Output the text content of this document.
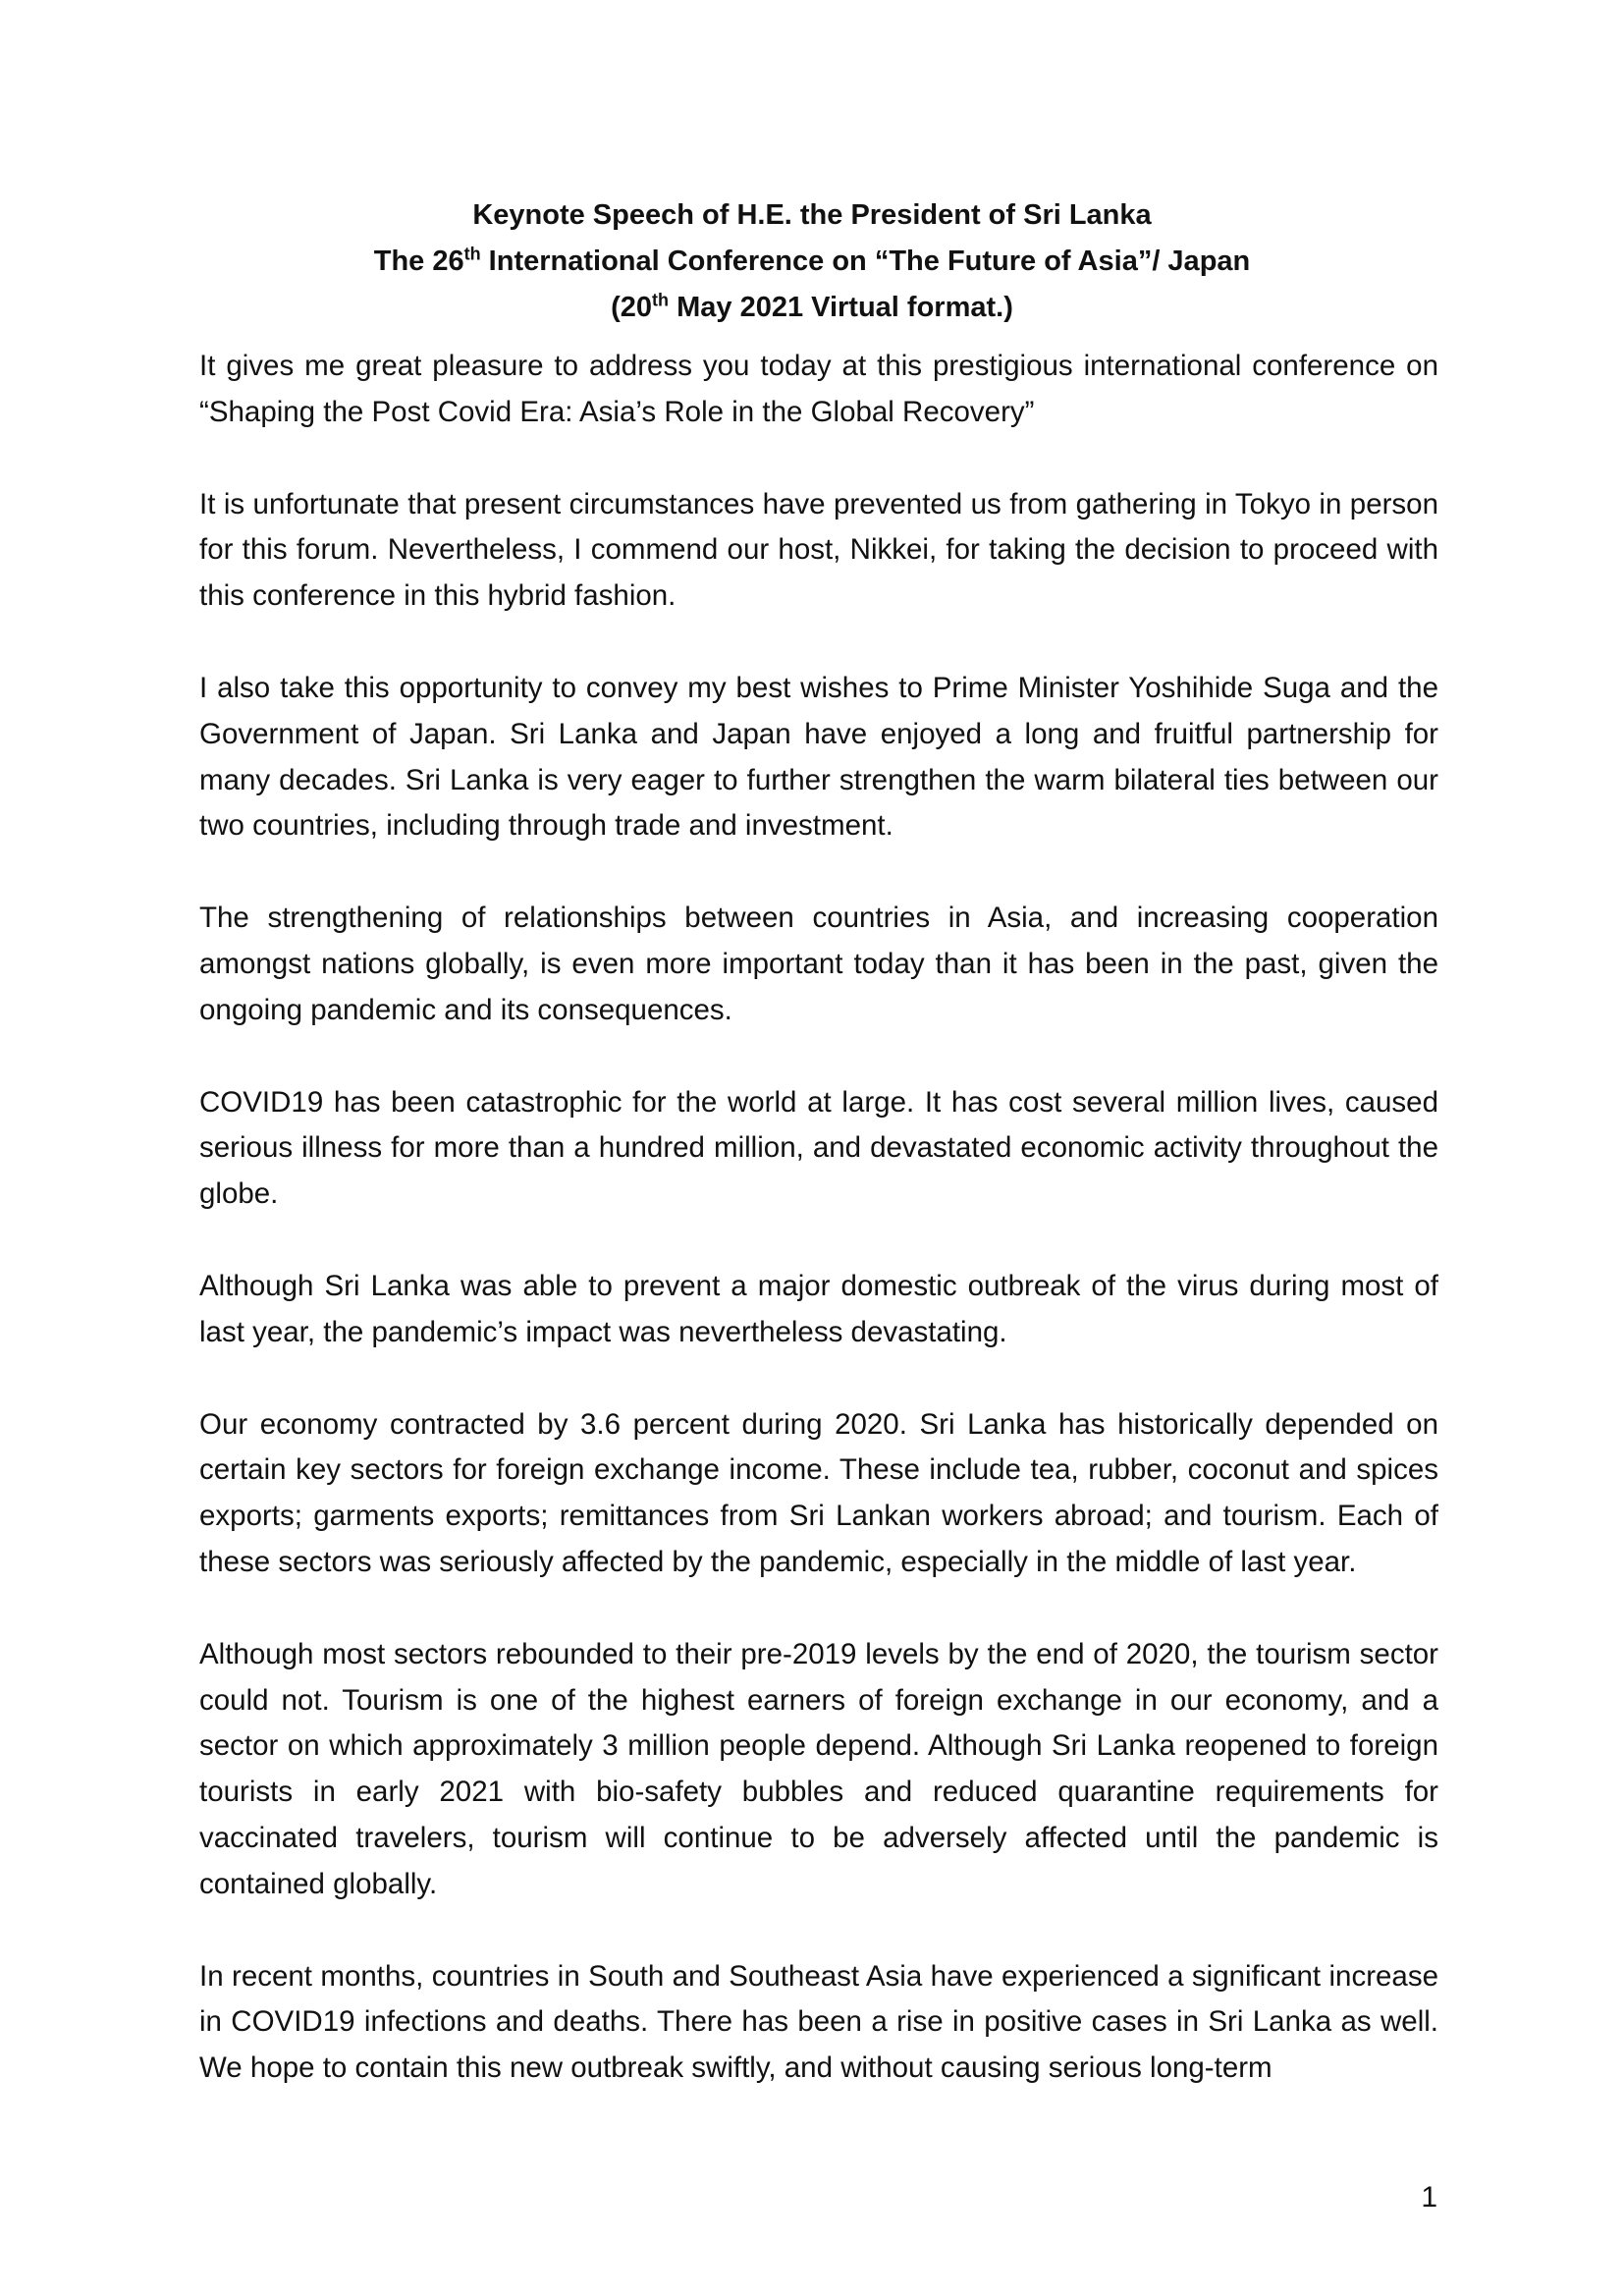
Keynote Speech of H.E. the President of Sri Lanka
The 26th International Conference on “The Future of Asia”/ Japan
(20th May 2021 Virtual format.)

It gives me great pleasure to address you today at this prestigious international conference on “Shaping the Post Covid Era: Asia’s Role in the Global Recovery”

It is unfortunate that present circumstances have prevented us from gathering in Tokyo in person for this forum. Nevertheless, I commend our host, Nikkei, for taking the decision to proceed with this conference in this hybrid fashion.

I also take this opportunity to convey my best wishes to Prime Minister Yoshihide Suga and the Government of Japan. Sri Lanka and Japan have enjoyed a long and fruitful partnership for many decades. Sri Lanka is very eager to further strengthen the warm bilateral ties between our two countries, including through trade and investment.

The strengthening of relationships between countries in Asia, and increasing cooperation amongst nations globally, is even more important today than it has been in the past, given the ongoing pandemic and its consequences.

COVID19 has been catastrophic for the world at large. It has cost several million lives, caused serious illness for more than a hundred million, and devastated economic activity throughout the globe.

Although Sri Lanka was able to prevent a major domestic outbreak of the virus during most of last year, the pandemic’s impact was nevertheless devastating.

Our economy contracted by 3.6 percent during 2020. Sri Lanka has historically depended on certain key sectors for foreign exchange income. These include tea, rubber, coconut and spices exports; garments exports; remittances from Sri Lankan workers abroad; and tourism. Each of these sectors was seriously affected by the pandemic, especially in the middle of last year.

Although most sectors rebounded to their pre-2019 levels by the end of 2020, the tourism sector could not. Tourism is one of the highest earners of foreign exchange in our economy, and a sector on which approximately 3 million people depend. Although Sri Lanka reopened to foreign tourists in early 2021 with bio-safety bubbles and reduced quarantine requirements for vaccinated travelers, tourism will continue to be adversely affected until the pandemic is contained globally.

In recent months, countries in South and Southeast Asia have experienced a significant increase in COVID19 infections and deaths. There has been a rise in positive cases in Sri Lanka as well. We hope to contain this new outbreak swiftly, and without causing serious long-term

1
